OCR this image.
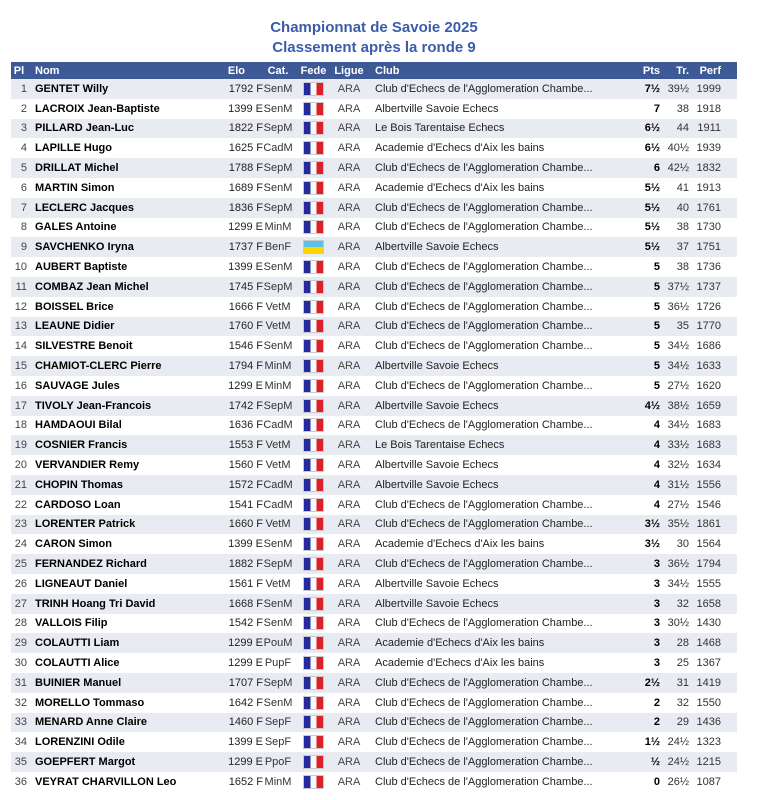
Championnat de Savoie 2025
Classement après la ronde 9
Pl	Nom	Elo	Cat.	Fede	Ligue	Club	Pts	Tr.	Perf
1	GENTET Willy	1792 F	SenM		ARA	Club d'Echecs de l'Agglomeration Chambe...	7½	39½	1999
2	LACROIX Jean-Baptiste	1399 E	SenM		ARA	Albertville Savoie Echecs	7	38	1918
3	PILLARD Jean-Luc	1822 F	SepM		ARA	Le Bois Tarentaise Echecs	6½	44	1911
4	LAPILLE Hugo	1625 F	CadM		ARA	Academie d'Echecs d'Aix les bains	6½	40½	1939
5	DRILLAT Michel	1788 F	SepM		ARA	Club d'Echecs de l'Agglomeration Chambe...	6	42½	1832
6	MARTIN Simon	1689 F	SenM		ARA	Academie d'Echecs d'Aix les bains	5½	41	1913
7	LECLERC Jacques	1836 F	SepM		ARA	Club d'Echecs de l'Agglomeration Chambe...	5½	40	1761
8	GALES Antoine	1299 E	MinM		ARA	Club d'Echecs de l'Agglomeration Chambe...	5½	38	1730
9	SAVCHENKO Iryna	1737 F	BenF		ARA	Albertville Savoie Echecs	5½	37	1751
10	AUBERT Baptiste	1399 E	SenM		ARA	Club d'Echecs de l'Agglomeration Chambe...	5	38	1736
11	COMBAZ Jean Michel	1745 F	SepM		ARA	Club d'Echecs de l'Agglomeration Chambe...	5	37½	1737
12	BOISSEL Brice	1666 F	VetM		ARA	Club d'Echecs de l'Agglomeration Chambe...	5	36½	1726
13	LEAUNE Didier	1760 F	VetM		ARA	Club d'Echecs de l'Agglomeration Chambe...	5	35	1770
14	SILVESTRE Benoit	1546 F	SenM		ARA	Club d'Echecs de l'Agglomeration Chambe...	5	34½	1686
15	CHAMIOT-CLERC Pierre	1794 F	MinM		ARA	Albertville Savoie Echecs	5	34½	1633
16	SAUVAGE Jules	1299 E	MinM		ARA	Club d'Echecs de l'Agglomeration Chambe...	5	27½	1620
17	TIVOLY Jean-Francois	1742 F	SepM		ARA	Albertville Savoie Echecs	4½	38½	1659
18	HAMDAOUI Bilal	1636 F	CadM		ARA	Club d'Echecs de l'Agglomeration Chambe...	4	34½	1683
19	COSNIER Francis	1553 F	VetM		ARA	Le Bois Tarentaise Echecs	4	33½	1683
20	VERVANDIER Remy	1560 F	VetM		ARA	Albertville Savoie Echecs	4	32½	1634
21	CHOPIN Thomas	1572 F	CadM		ARA	Albertville Savoie Echecs	4	31½	1556
22	CARDOSO Loan	1541 F	CadM		ARA	Club d'Echecs de l'Agglomeration Chambe...	4	27½	1546
23	LORENTER Patrick	1660 F	VetM		ARA	Club d'Echecs de l'Agglomeration Chambe...	3½	35½	1861
24	CARON Simon	1399 E	SenM		ARA	Academie d'Echecs d'Aix les bains	3½	30	1564
25	FERNANDEZ Richard	1882 F	SepM		ARA	Club d'Echecs de l'Agglomeration Chambe...	3	36½	1794
26	LIGNEAUT Daniel	1561 F	VetM		ARA	Albertville Savoie Echecs	3	34½	1555
27	TRINH Hoang Tri David	1668 F	SenM		ARA	Albertville Savoie Echecs	3	32	1658
28	VALLOIS Filip	1542 F	SenM		ARA	Club d'Echecs de l'Agglomeration Chambe...	3	30½	1430
29	COLAUTTI Liam	1299 E	PouM		ARA	Academie d'Echecs d'Aix les bains	3	28	1468
30	COLAUTTI Alice	1299 E	PupF		ARA	Academie d'Echecs d'Aix les bains	3	25	1367
31	BUINIER Manuel	1707 F	SepM		ARA	Club d'Echecs de l'Agglomeration Chambe...	2½	31	1419
32	MORELLO Tommaso	1642 F	SenM		ARA	Club d'Echecs de l'Agglomeration Chambe...	2	32	1550
33	MENARD Anne Claire	1460 F	SepF		ARA	Club d'Echecs de l'Agglomeration Chambe...	2	29	1436
34	LORENZINI Odile	1399 E	SepF		ARA	Club d'Echecs de l'Agglomeration Chambe...	1½	24½	1323
35	GOEPFERT Margot	1299 E	PpoF		ARA	Club d'Echecs de l'Agglomeration Chambe...	½	24½	1215
36	VEYRAT CHARVILLON Leo	1652 F	MinM		ARA	Club d'Echecs de l'Agglomeration Chambe...	0	26½	1087
